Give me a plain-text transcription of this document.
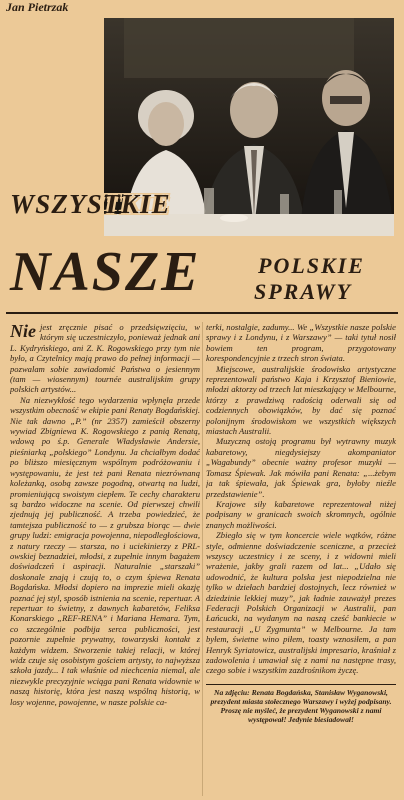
Jan Pietrzak
WSZYSTKIE
NASZE	POLSKIE
SPRAWY

Nie jest zręcznie pisać o przedsięwzięciu, w którym się uczestniczyło, ponieważ jednak ani L. Kydryńskiego, ani Z. K. Rogowskiego przy tym nie było, a Czytelnicy mają prawo do pełnej informacji — pozwalam sobie zawiadomić Państwa o jesiennym (tam — wiosennym) tournée australijskim grupy polskich artystów...

Na niezwykłość tego wydarzenia wpłynęła przede wszystkim obecność w ekipie pani Renaty Bogdańskiej. Nie tak dawno „P.” (nr 2357) zamieścił obszerny wywiad Zbigniewa K. Rogowskiego z panią Renatą, wdową po ś.p. Generale Władysławie Andersie, pieśniarką „polskiego” Londynu. Ja chciałbym dodać po bliższo miesięcznym wspólnym podróżowaniu i występowaniu, że jest też pani Renata niezrównaną koleżanką, osobą zawsze pogodną, otwartą na ludzi, promieniującą swoistym ciepłem. Te cechy charakteru są bardzo widoczne na scenie. Od pierwszej chwili zjednują jej publiczność. A trzeba powiedzieć, że tamtejsza publiczność to — z grubsza biorąc — dwie grupy ludzi: emigracja powojenna, niepodległościowa, z natury rzeczy — starsza, no i uciekinierzy z PRL-owskiej beznadziei, młodsi, z zupełnie innym bagażem doświadczeń i aspiracji. Naturalnie „starszaki” doskonale znają i czują to, o czym śpiewa Renata Bogdańska. Młodsi dopiero na imprezie mieli okazję poznać jej styl, sposób istnienia na scenie, repertuar. A repertuar to świetny, z dawnych kabaretów, Feliksa Konarskiego „REF-RENA” i Mariana Hemara. Tym, co szczególnie podbija serca publiczności, jest pozornie zupełnie prywatny, towarzyski kontakt z każdym widzem. Stworzenie takiej relacji, w której widz czuje się osobistym gościem artysty, to najwyższa szkoła jazdy... I tak właśnie od niechcenia niemal, ale niezwykle precyzyjnie wciąga pani Renata widownie w naszą historię, która jest naszą wspólną historią, w losy wojenne, powojenne, w nasze polskie ca-

terki, nostalgie, zadumy... We „Wszystkie nasze polskie sprawy i z Londynu, i z Warszawy” — taki tytuł nosił bowiem ten program, przygotowany korespondencyjnie z trzech stron świata.

Miejscowe, australijskie środowisko artystyczne reprezentowali państwo Kaja i Krzysztof Bieniowie, młodzi aktorzy od trzech lat mieszkający w Melbourne, którzy z prawdziwą radością oderwali się od codziennych obowiązków, by dać się poznać polonijnym środowiskom we wszystkich większych miastach Australii.

Muzyczną ostoją programu był wytrawny muzyk kabaretowy, niegdysiejszy akompaniator „Wagabundy” obecnie ważny profesor muzyki — Tomasz Śpiewak. Jak mówiła pani Renata: „...żebym ja tak śpiewała, jak Śpiewak gra, byłoby nieźle przedstawienie”.

Krajowe siły kabaretowe reprezentował niżej podpisany w granicach swoich skromnych, ogólnie znanych możliwości.

Zbiegło się w tym koncercie wiele wątków, różne style, odmienne doświadczenie sceniczne, a przecież wszyscy uczestnicy i ze sceny, i z widowni mieli wrażenie, jakby grali razem od lat... „Udało się udowodnić, że kultura polska jest niepodzielna nie tylko w dziełach bardziej dostojnych, lecz również w dziedzinie lekkiej muzy”, jak ładnie zauważył prezes Federacji Polskich Organizacji w Australii, pan Łańcucki, na wydanym na naszą cześć bankiecie w restauracji „U Zygmunta” w Melbourne. Ja tam byłem, świetne wino piłem, toasty wznosiłem, a pan Henryk Syriatowicz, australijski impresario, kraśniał z zadowolenia i umawiał się z nami na następne trasy, czego sobie i wszystkim zazdrośnikom życzę.

Na zdjęciu: Renata Bogdańska, Stanisław Wyganowski, prezydent miasta stołecznego Warszawy i wyżej podpisany. Proszę nie myśleć, że prezydent Wyganowski z nami występował! Jedynie biesiadował!
